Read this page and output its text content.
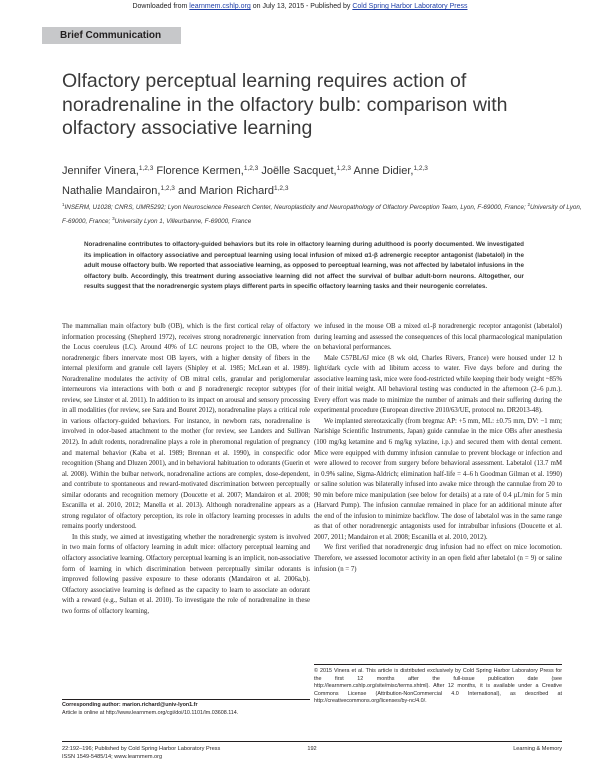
Downloaded from learnmem.cshlp.org on July 13, 2015 - Published by Cold Spring Harbor Laboratory Press
Brief Communication
Olfactory perceptual learning requires action of noradrenaline in the olfactory bulb: comparison with olfactory associative learning
Jennifer Vinera,$^{1,2,3}$ Florence Kermen,$^{1,2,3}$ Joëlle Sacquet,$^{1,2,3}$ Anne Didier,$^{1,2,3}$
Nathalie Mandairon,$^{1,2,3}$ and Marion Richard$^{1,2,3}$
$^1$INSERM, U1028; CNRS, UMR5292; Lyon Neuroscience Research Center, Neuroplasticity and Neuropathology of Olfactory Perception Team, Lyon, F-69000, France; $^2$University of Lyon, F-69000, France; $^3$University Lyon 1, Villeurbanne, F-69000, France
Noradrenaline contributes to olfactory-guided behaviors but its role in olfactory learning during adulthood is poorly documented. We investigated its implication in olfactory associative and perceptual learning using local infusion of mixed α1-β adrenergic receptor antagonist (labetalol) in the adult mouse olfactory bulb. We reported that associative learning, as opposed to perceptual learning, was not affected by labetalol infusions in the olfactory bulb. Accordingly, this treatment during associative learning did not affect the survival of bulbar adult-born neurons. Altogether, our results suggest that the noradrenergic system plays different parts in specific olfactory learning tasks and their neurogenic correlates.

The mammalian main olfactory bulb (OB), which is the first cortical relay of olfactory information processing (Shepherd 1972), receives strong noradrenergic innervation from the Locus coeruleus (LC). Around 40% of LC neurons project to the OB, where the noradrenergic fibers innervate most OB layers, with a higher density of fibers in the internal plexiform and granule cell layers (Shipley et al. 1985; McLean et al. 1989). Noradrenaline modulates the activity of OB mitral cells, granular and periglomerular interneurons via interactions with both α and β noradrenergic receptor subtypes (for review, see Linster et al. 2011). In addition to its impact on arousal and sensory processing in all modalities (for review, see Sara and Bouret 2012), noradrenaline plays a critical role in various olfactory-guided behaviors. For instance, in newborn rats, noradrenaline is involved in odor-based attachment to the mother (for review, see Landers and Sullivan 2012). In adult rodents, noradrenaline plays a role in pheromonal regulation of pregnancy and maternal behavior (Kaba et al. 1989; Brennan et al. 1990), in conspecific odor recognition (Shang and Dluzen 2001), and in behavioral habituation to odorants (Guerin et al. 2008). Within the bulbar network, noradrenaline actions are complex, dose-dependent, and contribute to spontaneous and reward-motivated discrimination between perceptually similar odorants and recognition memory (Doucette et al. 2007; Mandairon et al. 2008; Escanilla et al. 2010, 2012; Manella et al. 2013). Although noradrenaline appears as a strong regulator of olfactory perception, its role in olfactory learning processes in adults remains poorly understood.

In this study, we aimed at investigating whether the noradrenergic system is involved in two main forms of olfactory learning in adult mice: olfactory perceptual learning and olfactory associative learning. Olfactory perceptual learning is an implicit, non-associative form of learning in which discrimination between perceptually similar odorants is improved following passive exposure to these odorants (Mandairon et al. 2006a,b). Olfactory associative learning is defined as the capacity to learn to associate an odorant with a reward (e.g., Sultan et al. 2010). To investigate the role of noradrenaline in these two forms of olfactory learning,

we infused in the mouse OB a mixed α1-β noradrenergic receptor antagonist (labetalol) during learning and assessed the consequences of this local pharmacological manipulation on behavioral performances.

Male C57BL/6J mice (8 wk old, Charles Rivers, France) were housed under 12 h light/dark cycle with ad libitum access to water. Five days before and during the associative learning task, mice were food-restricted while keeping their body weight ~85% of their initial weight. All behavioral testing was conducted in the afternoon (2–6 p.m.). Every effort was made to minimize the number of animals and their suffering during the experimental procedure (European directive 2010/63/UE, protocol no. DR2013-48).

We implanted stereotaxically (from bregma: AP: +5 mm, ML: ±0.75 mm, DV: −1 mm; Narishige Scientific Instruments, Japan) guide cannulae in the mice OBs after anesthesia (100 mg/kg ketamine and 6 mg/kg xylazine, i.p.) and secured them with dental cement. Mice were equipped with dummy infusion cannulae to prevent blockage or infection and were allowed to recover from surgery before behavioral assessment. Labetalol (13.7 mM in 0.9% saline, Sigma-Aldrich; elimination half-life = 4–6 h Goodman Gilman et al. 1990) or saline solution was bilaterally infused into awake mice through the cannulae from 20 to 90 min before mice manipulation (see below for details) at a rate of 0.4 µL/min for 5 min (Harvard Pump). The infusion cannulae remained in place for an additional minute after the end of the infusion to minimize backflow. The dose of labetalol was in the same range as that of other noradrenergic antagonists used for intrabulbar infusions (Doucette et al. 2007, 2011; Mandairon et al. 2008; Escanilla et al. 2010, 2012).

We first verified that noradrenergic drug infusion had no effect on mice locomotion. Therefore, we assessed locomotor activity in an open field after labetalol (n = 9) or saline infusion (n = 7)

Corresponding author: marion.richard@univ-lyon1.fr
Article is online at http://www.learnmem.org/cgi/doi/10.1101/lm.03608.114.
© 2015 Vinera et al. This article is distributed exclusively by Cold Spring Harbor Laboratory Press for the first 12 months after the full-issue publication date (see http://learnmem.cshlp.org/site/misc/terms.xhtml). After 12 months, it is available under a Creative Commons License (Attribution-NonCommercial 4.0 International), as described at http://creativecommons.org/licenses/by-nc/4.0/.
22:192–196; Published by Cold Spring Harbor Laboratory Press
ISSN 1549-5485/14; www.learnmem.org
192	Learning & Memory
